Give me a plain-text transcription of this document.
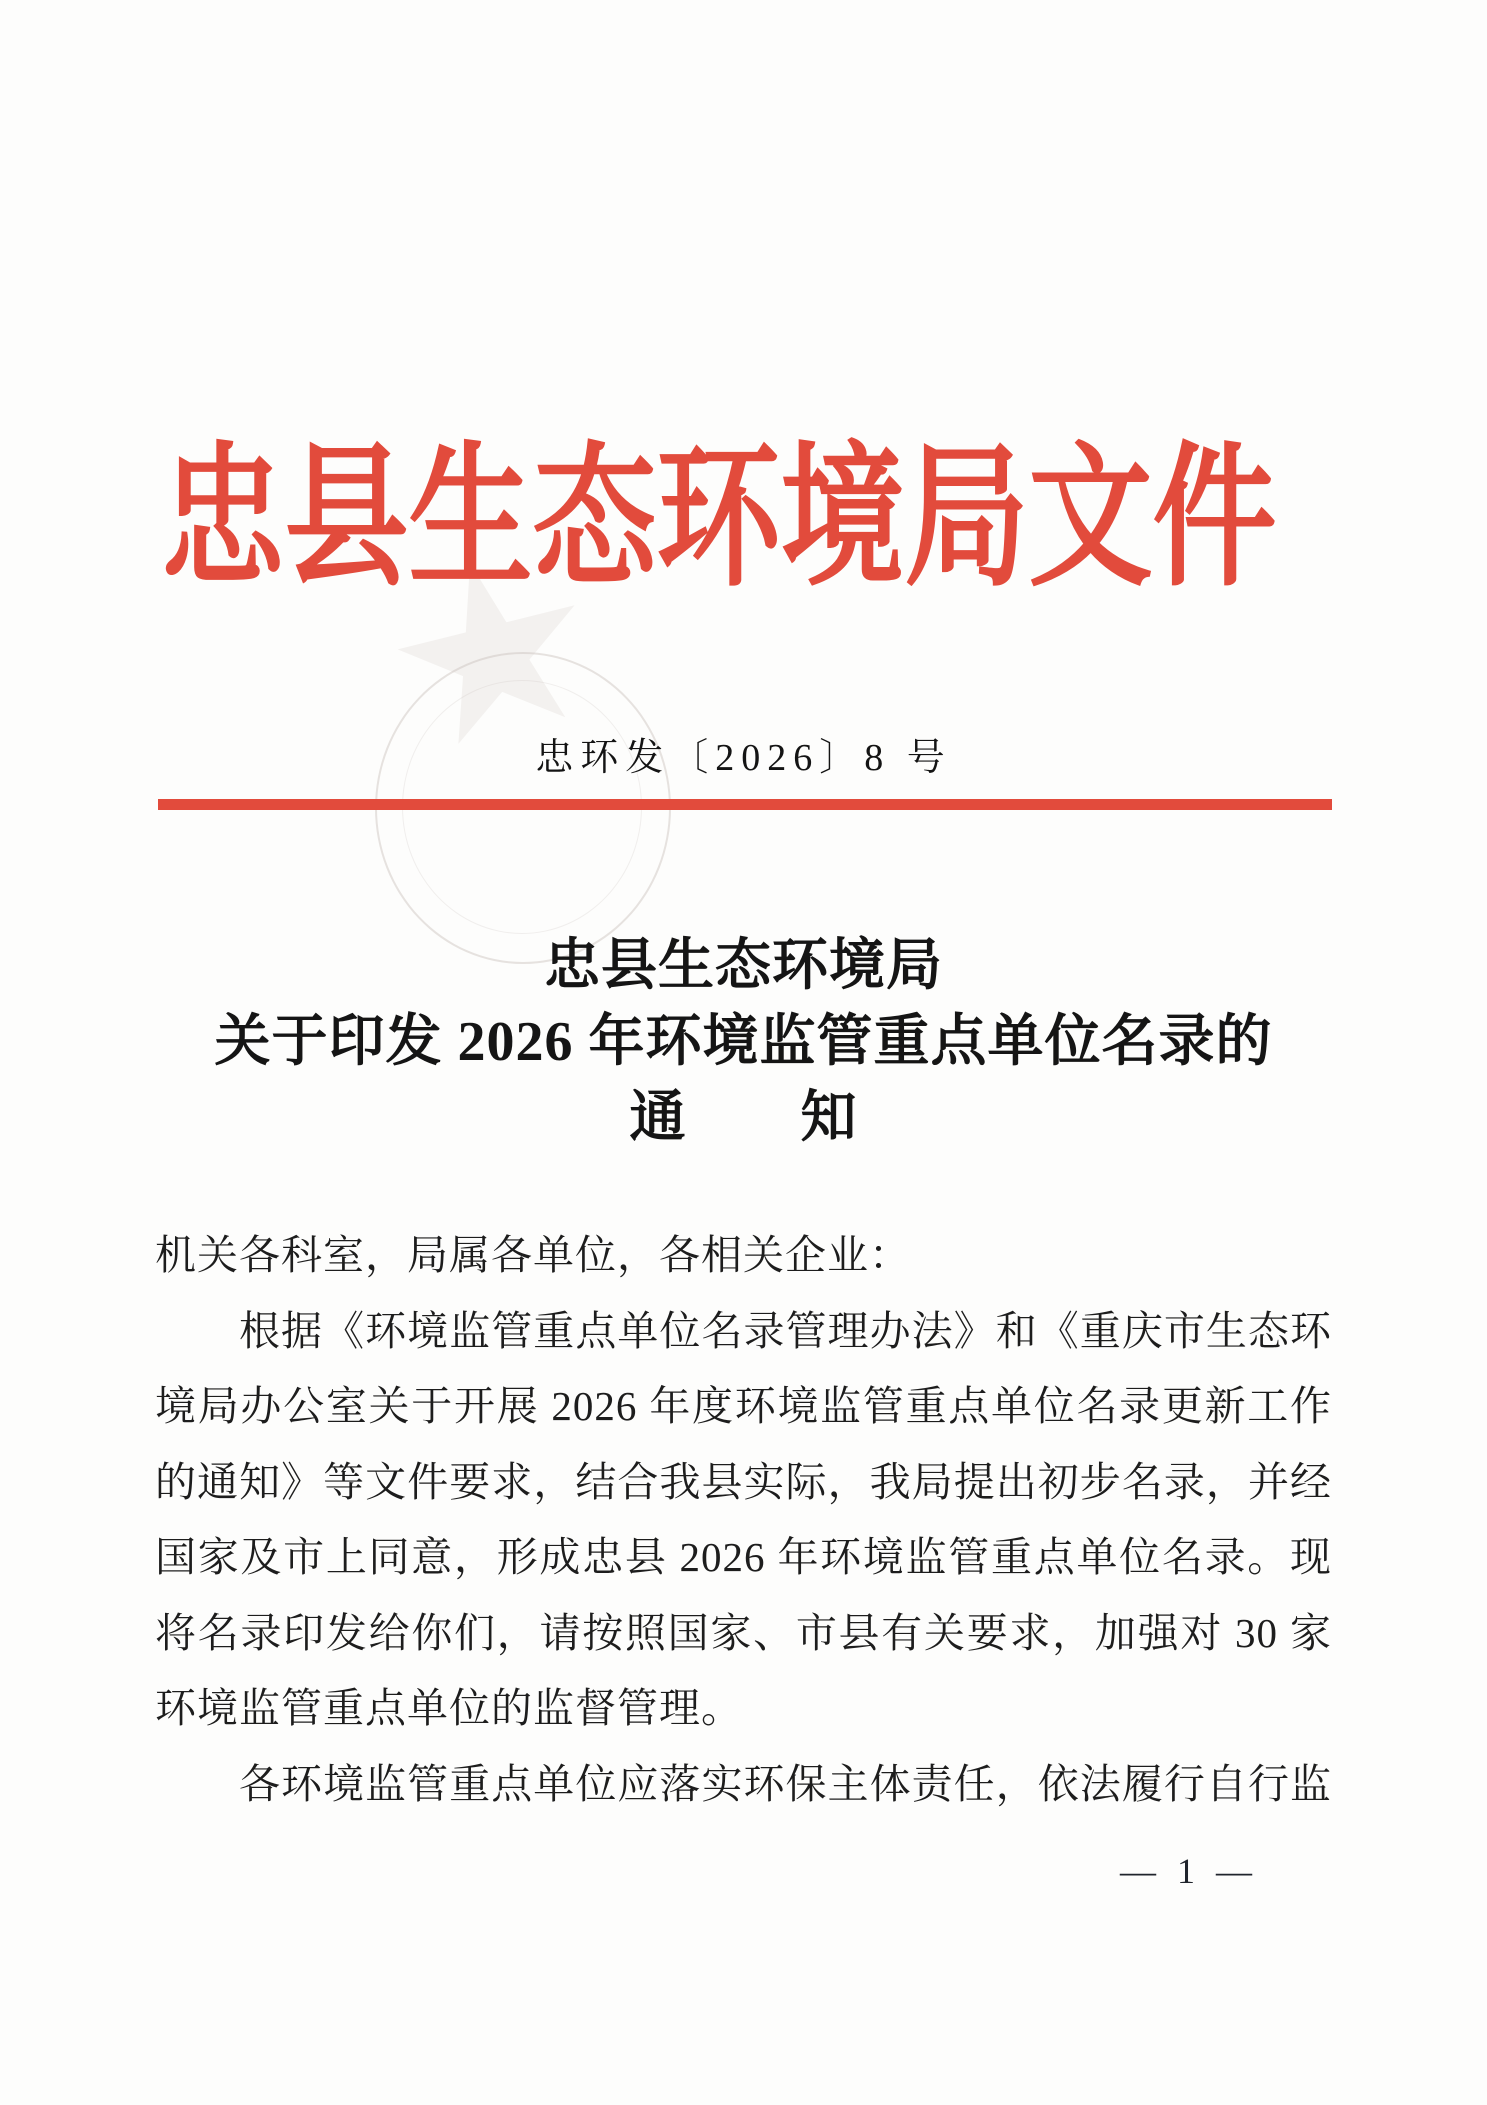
忠县生态环境局文件
忠环发〔2026〕8 号
忠县生态环境局
关于印发 2026 年环境监管重点单位名录的
通　　知
机关各科室，局属各单位，各相关企业：
根据《环境监管重点单位名录管理办法》和《重庆市生态环
境局办公室关于开展 2026 年度环境监管重点单位名录更新工作
的通知》等文件要求，结合我县实际，我局提出初步名录，并经
国家及市上同意，形成忠县 2026 年环境监管重点单位名录。现
将名录印发给你们，请按照国家、市县有关要求，加强对 30 家
环境监管重点单位的监督管理。
各环境监管重点单位应落实环保主体责任，依法履行自行监
— 1 —
